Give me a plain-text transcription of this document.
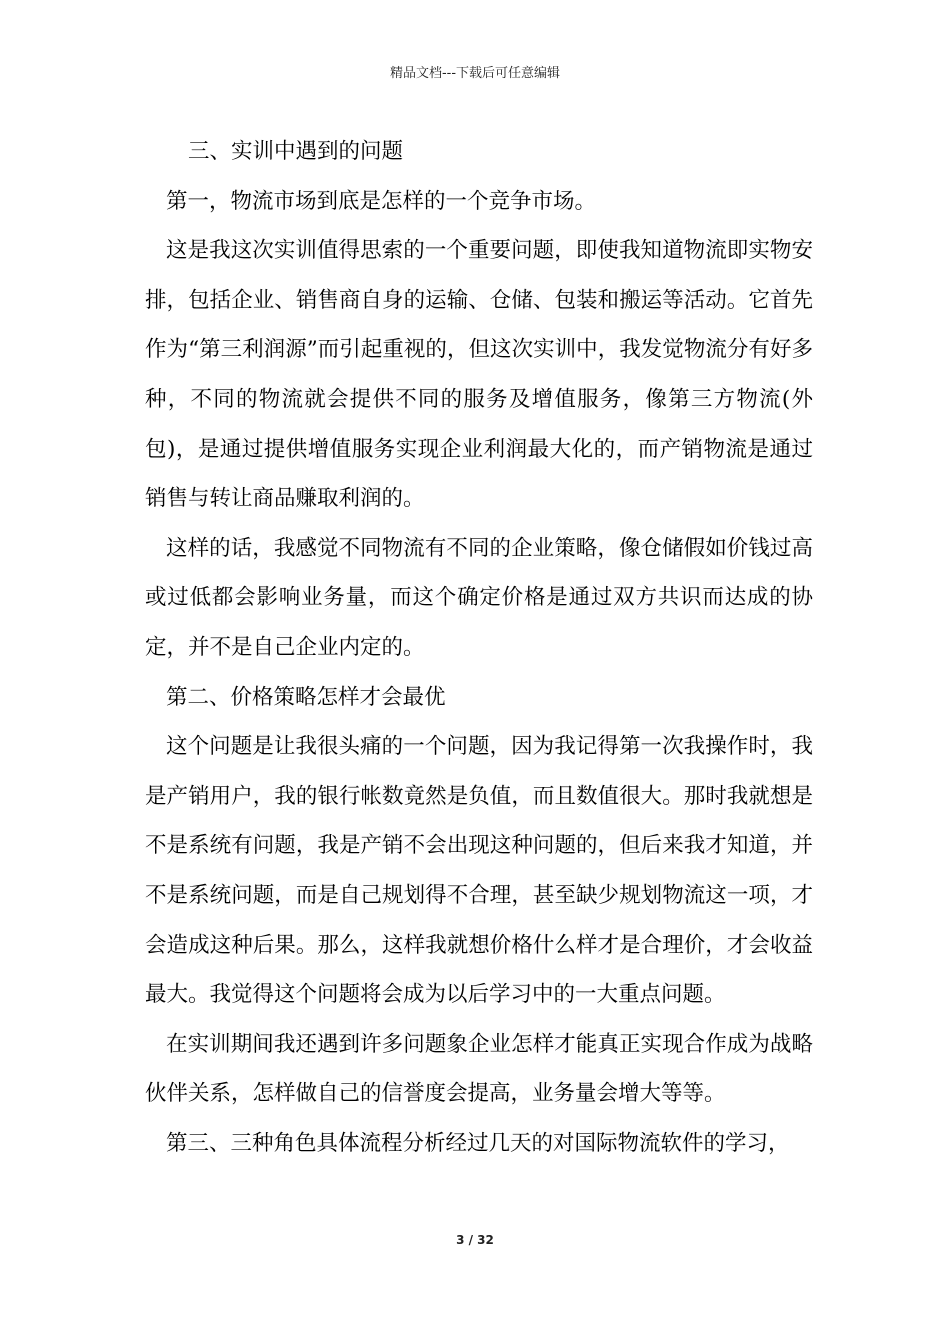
精品文档---下载后可任意编辑

三、实训中遇到的问题

第一，物流市场到底是怎样的一个竞争市场。

这是我这次实训值得思索的一个重要问题，即使我知道物流即实物安排，包括企业、销售商自身的运输、仓储、包装和搬运等活动。它首先作为“第三利润源”而引起重视的，但这次实训中，我发觉物流分有好多种，不同的物流就会提供不同的服务及增值服务，像第三方物流(外包)，是通过提供增值服务实现企业利润最大化的，而产销物流是通过销售与转让商品赚取利润的。

这样的话，我感觉不同物流有不同的企业策略，像仓储假如价钱过高或过低都会影响业务量，而这个确定价格是通过双方共识而达成的协定，并不是自己企业内定的。

第二、价格策略怎样才会最优

这个问题是让我很头痛的一个问题，因为我记得第一次我操作时，我是产销用户，我的银行帐数竟然是负值，而且数值很大。那时我就想是不是系统有问题，我是产销不会出现这种问题的，但后来我才知道，并不是系统问题，而是自己规划得不合理，甚至缺少规划物流这一项，才会造成这种后果。那么，这样我就想价格什么样才是合理价，才会收益最大。我觉得这个问题将会成为以后学习中的一大重点问题。

在实训期间我还遇到许多问题象企业怎样才能真正实现合作成为战略伙伴关系，怎样做自己的信誉度会提高，业务量会增大等等。

第三、三种角色具体流程分析经过几天的对国际物流软件的学习，

3 / 32
